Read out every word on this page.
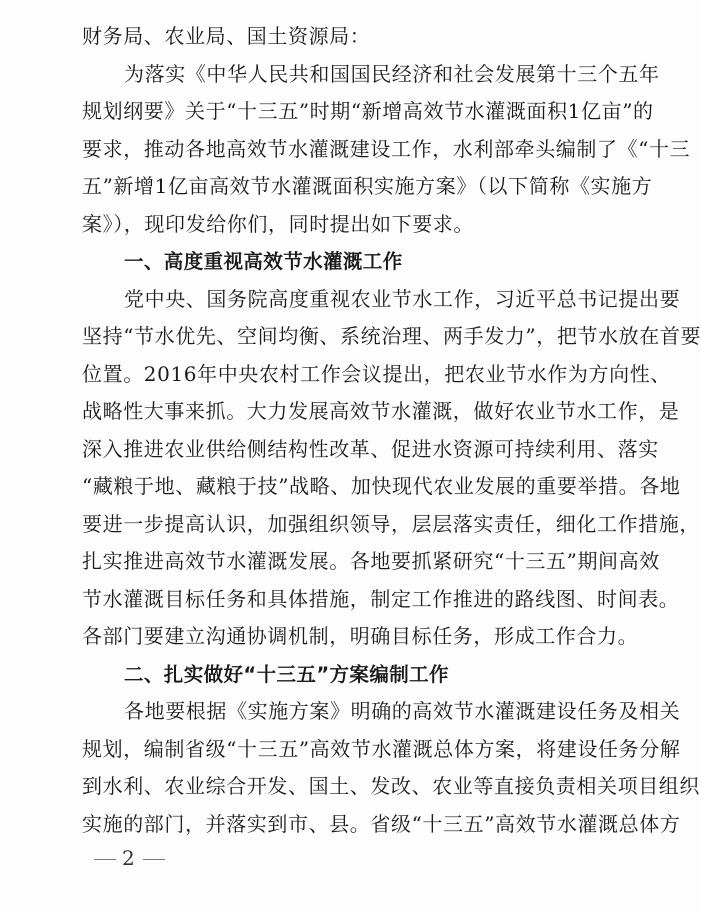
财务局、农业局、国土资源局：
为落实《中华人民共和国国民经济和社会发展第十三个五年
规划纲要》关于“十三五”时期“新增高效节水灌溉面积1亿亩”的
要求，推动各地高效节水灌溉建设工作，水利部牵头编制了《“十三
五”新增1亿亩高效节水灌溉面积实施方案》（以下简称《实施方
案》），现印发给你们，同时提出如下要求。
一、高度重视高效节水灌溉工作
党中央、国务院高度重视农业节水工作，习近平总书记提出要
坚持“节水优先、空间均衡、系统治理、两手发力”，把节水放在首要
位置。2016年中央农村工作会议提出，把农业节水作为方向性、
战略性大事来抓。大力发展高效节水灌溉，做好农业节水工作，是
深入推进农业供给侧结构性改革、促进水资源可持续利用、落实
“藏粮于地、藏粮于技”战略、加快现代农业发展的重要举措。各地
要进一步提高认识，加强组织领导，层层落实责任，细化工作措施，
扎实推进高效节水灌溉发展。各地要抓紧研究“十三五”期间高效
节水灌溉目标任务和具体措施，制定工作推进的路线图、时间表。
各部门要建立沟通协调机制，明确目标任务，形成工作合力。
二、扎实做好“十三五”方案编制工作
各地要根据《实施方案》明确的高效节水灌溉建设任务及相关
规划，编制省级“十三五”高效节水灌溉总体方案，将建设任务分解
到水利、农业综合开发、国土、发改、农业等直接负责相关项目组织
实施的部门，并落实到市、县。省级“十三五”高效节水灌溉总体方
2
